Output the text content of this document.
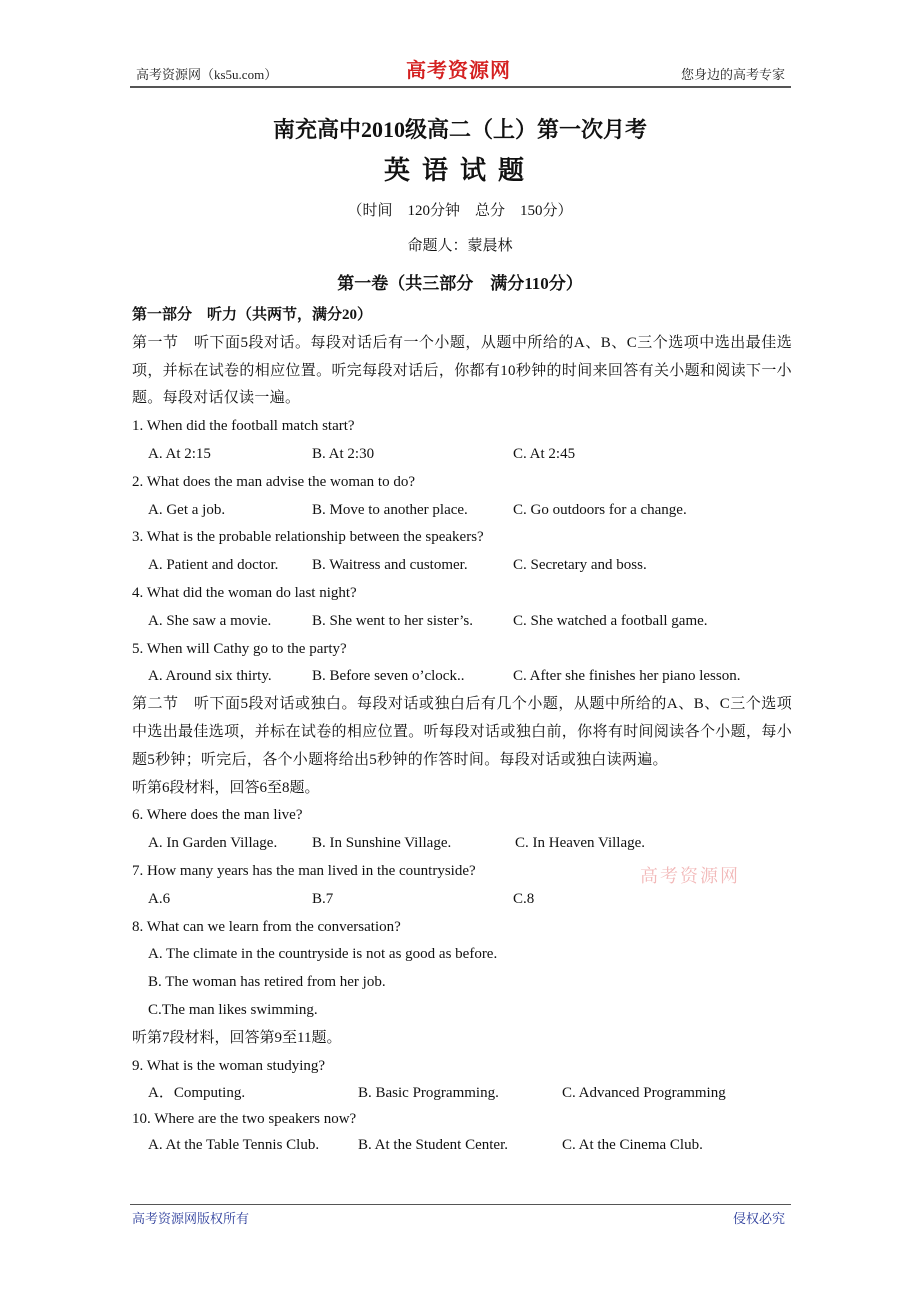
高考资源网（ks5u.com）	高考资源网	您身边的高考专家
南充高中2010级高二（上）第一次月考
英语试题
（时间　120分钟　总分　150分）
命题人：蒙晨林
第一卷（共三部分　满分110分）
第一部分　听力（共两节，满分20）
第一节　听下面5段对话。每段对话后有一个小题，从题中所给的A、B、C三个选项中选出最佳选项，并标在试卷的相应位置。听完每段对话后，你都有10秒钟的时间来回答有关小题和阅读下一小题。每段对话仅读一遍。
1. When did the football match start?
A. At 2:15	B. At 2:30	C. At 2:45
2. What does the man advise the woman to do?
A. Get a job.	B. Move to another place.	C. Go outdoors for a change.
3. What is the probable relationship between the speakers?
A. Patient and doctor. B. Waitress and customer.	C. Secretary and boss.
4. What did the woman do last night?
A. She saw a movie.	B. She went to her sister’s.	C. She watched a football game.
5. When will Cathy go to the party?
A. Around six thirty.	B. Before seven o’clock..	C. After she finishes her piano lesson.
第二节　听下面5段对话或独白。每段对话或独白后有几个小题，从题中所给的A、B、C三个选项中选出最佳选项，并标在试卷的相应位置。听每段对话或独白前，你将有时间阅读各个小题，每小题5秒钟；听完后，各个小题将给出5秒钟的作答时间。每段对话或独白读两遍。
听第6段材料，回答6至8题。
6. Where does the man live?
A. In Garden Village. B. In Sunshine Village.	C. In Heaven Village.
7. How many years has the man lived in the countryside?
A.6	B.7	C.8
8. What can we learn from the conversation?
A. The climate in the countryside is not as good as before.
B. The woman has retired from her job.
C.The man likes swimming.
听第7段材料，回答第9至11题。
9. What is the woman studying?
A．Computing.	B. Basic Programming.	C. Advanced Programming
10. Where are the two speakers now?
A. At the Table Tennis Club.	B. At the Student Center.	C. At the Cinema Club.
高考资源网
高考资源网版权所有	侵权必究
